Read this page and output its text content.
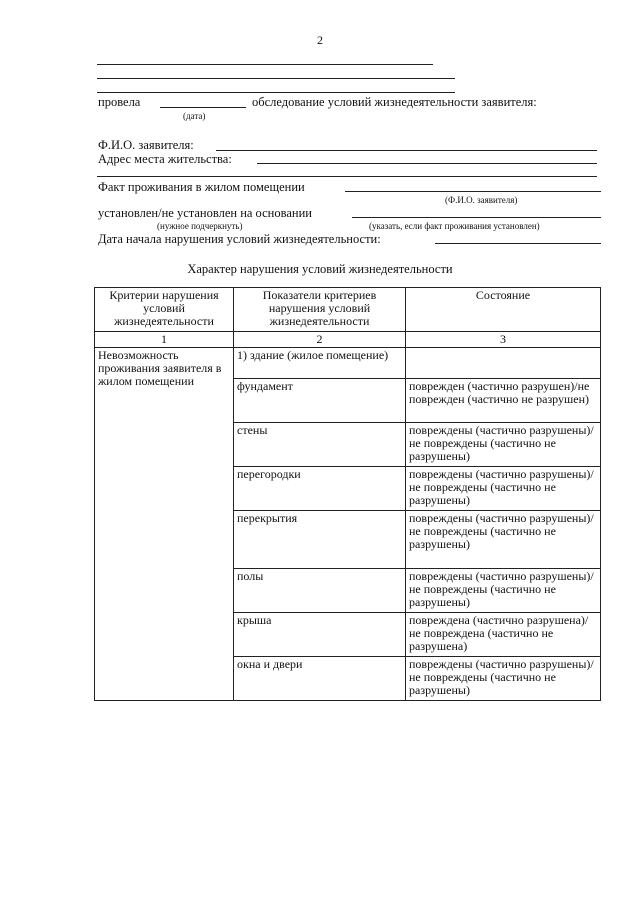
2
провела	обследование условий жизнедеятельности заявителя:
(дата)
Ф.И.О. заявителя:
Адрес места жительства:
Факт проживания в жилом помещении
(Ф.И.О. заявителя)
установлен/не установлен на основании
(нужное подчеркнуть)	(указать, если факт проживания установлен)
Дата начала нарушения условий жизнедеятельности:
Характер нарушения условий жизнедеятельности
Критерии нарушения условий жизнедеятельности	Показатели критериев нарушения условий жизнедеятельности	Состояние
1	2	3
Невозможность проживания заявителя в жилом помещении	1) здание (жилое помещение)	
	фундамент	поврежден (частично разрушен)/не поврежден (частично не разрушен)
	стены	повреждены (частично разрушены)/не повреждены (частично не разрушены)
	перегородки	повреждены (частично разрушены)/не повреждены (частично не разрушены)
	перекрытия	повреждены (частично разрушены)/ не повреждены (частично не разрушены)
	полы	повреждены (частично разрушены)/не повреждены (частично не разрушены)
	крыша	повреждена (частично разрушена)/не повреждена (частично не разрушена)
	окна и двери	повреждены (частично разрушены)/не повреждены (частично не разрушены)
